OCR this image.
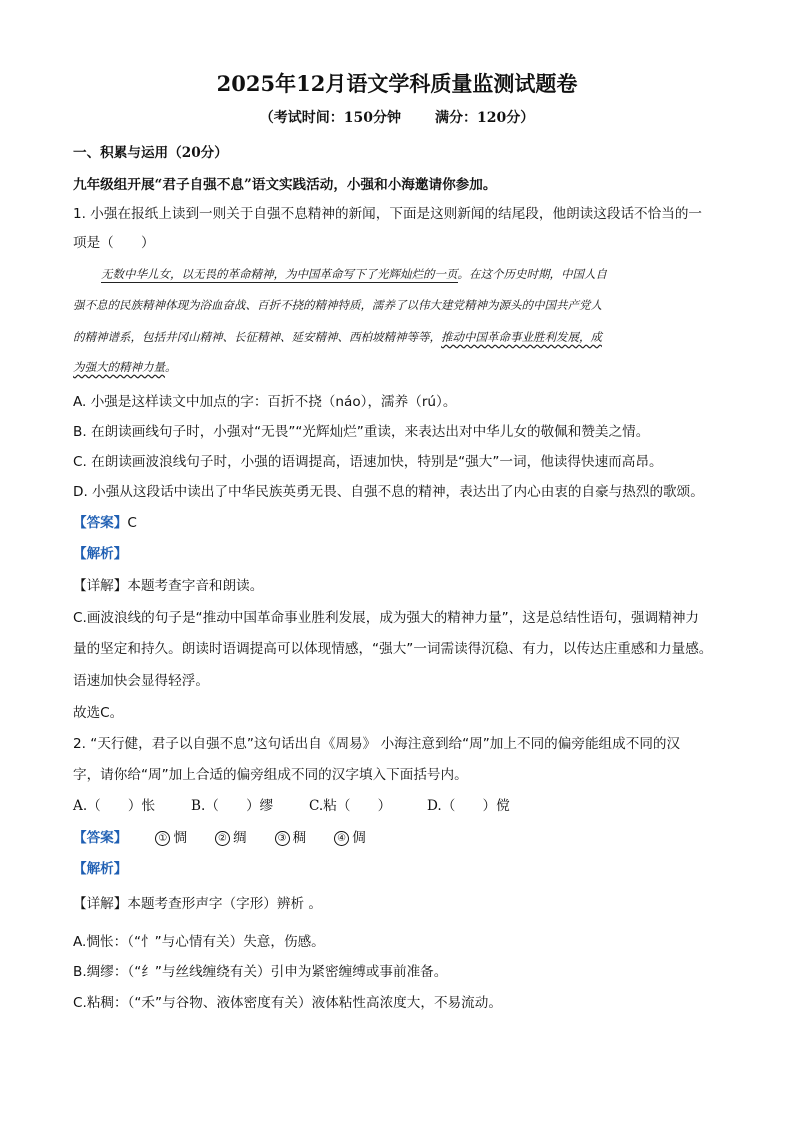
2025年12月语文学科质量监测试题卷
（考试时间：150分钟 满分：120分）
一、积累与运用（20分）
九年级组开展“君子自强不息”语文实践活动，小强和小海邀请你参加。
1. 小强在报纸上读到一则关于自强不息精神的新闻，下面是这则新闻的结尾段，他朗读这段话不恰当的一
项是（　　）
无数中华儿女，以无畏的革命精神，为中国革命写下了光辉灿烂的一页。在这个历史时期，中国人自
强不息的民族精神体现为浴血奋战、百折不挠的精神特质，濡养了以伟大建党精神为源头的中国共产党人
的精神谱系，包括井冈山精神、长征精神、延安精神、西柏坡精神等等，推动中国革命事业胜利发展，成
为强大的精神力量。
A. 小强是这样读文中加点的字：百折不挠（náo），濡养（rú）。
B. 在朗读画线句子时，小强对“无畏”“光辉灿烂”重读，来表达出对中华儿女的敬佩和赞美之情。
C. 在朗读画波浪线句子时，小强的语调提高，语速加快，特别是“强大”一词，他读得快速而高昂。
D. 小强从这段话中读出了中华民族英勇无畏、自强不息的精神，表达出了内心由衷的自豪与热烈的歌颂。
【答案】C
【解析】
【详解】本题考查字音和朗读。
C.画波浪线的句子是“推动中国革命事业胜利发展，成为强大的精神力量”，这是总结性语句，强调精神力
量的坚定和持久。朗读时语调提高可以体现情感，“强大”一词需读得沉稳、有力，以传达庄重感和力量感。
语速加快会显得轻浮。
故选C。
2. “天行健，君子以自强不息”这句话出自《周易》 小海注意到给“周”加上不同的偏旁能组成不同的汉
字，请你给“周”加上合适的偏旁组成不同的汉字填入下面括号内。
A.（　　）怅	B.（　　）缪	C.粘（　　）	D.（　　）傥
【答案】	① 惆	② 绸	③ 稠	④ 倜
【解析】
【详解】本题考查形声字（字形）辨析 。
A.惆怅：（“忄”与心情有关）失意，伤感。
B.绸缪：（“纟”与丝线缠绕有关）引申为紧密缠缚或事前准备。
C.粘稠：（“禾”与谷物、液体密度有关）液体粘性高浓度大，不易流动。
